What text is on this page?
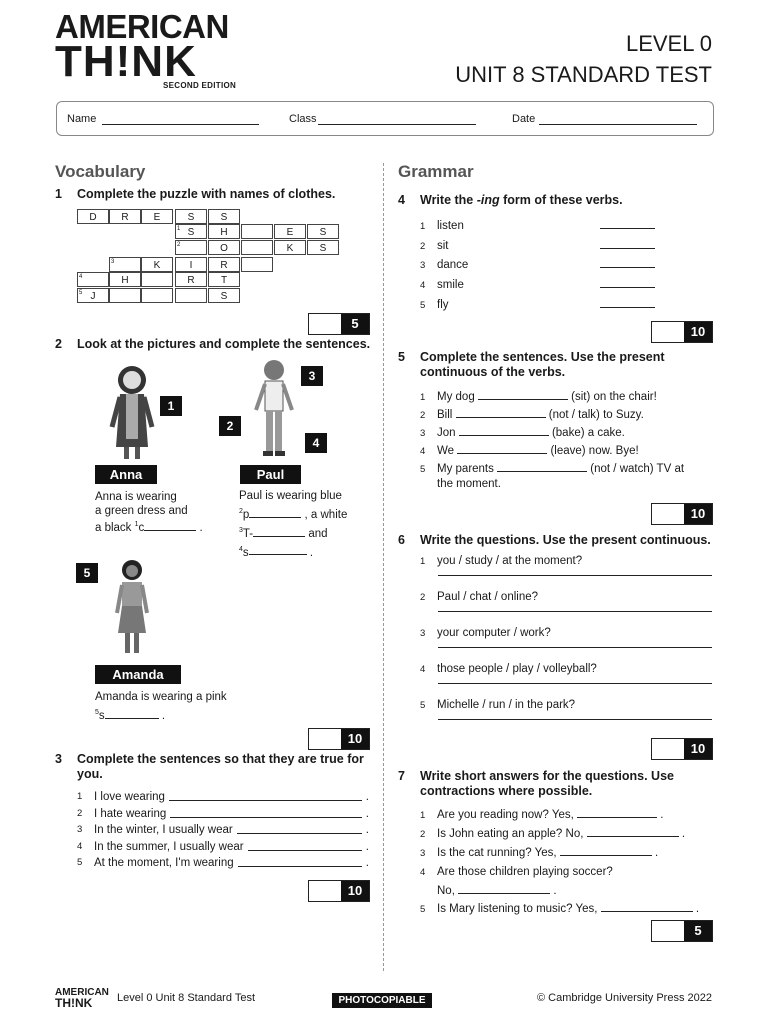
AMERICAN
TH!NK
SECOND EDITION
LEVEL 0
UNIT 8 STANDARD TEST
Name	Class	Date
Vocabulary
1 Complete the puzzle with names of clothes.
D	R	E	S	S
1 S	H	E	S
2	O	K	S
3	K	I	R
4	H	R	T
5 J	S
5
2 Look at the pictures and complete the sentences.
1
Anna
Anna is wearing
a green dress and
a black $^1$c	.
3
2
4
Paul
Paul is wearing blue
$^2$p	, a white
$^3$T-	and
$^4$s	.
5
Amanda
Amanda is wearing a pink
$^5$s	.
10
3 Complete the sentences so that they are true for you.
1	I love wearing	.
2	I hate wearing	.
3	In the winter, I usually wear	.
4	In the summer, I usually wear	.
5	At the moment, I'm wearing	.
10
Grammar
4 Write the -ing form of these verbs.
1	listen
2	sit
3	dance
4	smile
5	fly
10
5 Complete the sentences. Use the present
continuous of the verbs.
1 My dog	(sit) on the chair!
2 Bill	(not / talk) to Suzy.
3 Jon	(bake) a cake.
4 We	(leave) now. Bye!
5 My parents	(not / watch) TV at
the moment.
10
6 Write the questions. Use the present continuous.
1 you / study / at the moment?
2 Paul / chat / online?
3 your computer / work?
4 those people / play / volleyball?
5 Michelle / run / in the park?
10
7 Write short answers for the questions. Use
contractions where possible.
1 Are you reading now? Yes,	.
2 Is John eating an apple? No,	.
3 Is the cat running? Yes,	.
4 Are those children playing soccer?
No,	.
5 Is Mary listening to music? Yes,	.
5
AMERICAN
TH!NK	Level 0 Unit 8 Standard Test	PHOTOCOPIABLE	© Cambridge University Press 2022
